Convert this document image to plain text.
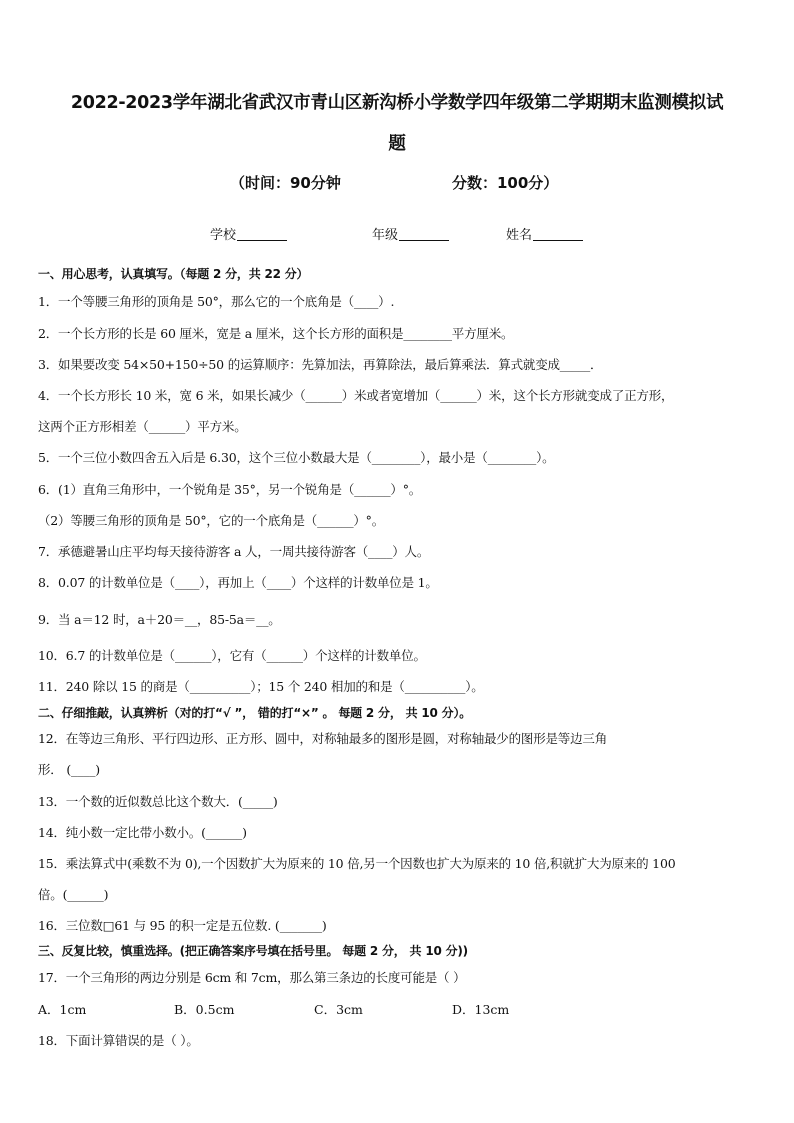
2022-2023学年湖北省武汉市青山区新沟桥小学数学四年级第二学期期末监测模拟试
题
（时间：90分钟	分数：100分）
学校	年级	姓名
一、用心思考，认真填写。（每题 2 分，共 22 分）
1．一个等腰三角形的顶角是 50°，那么它的一个底角是（____）.
2．一个长方形的长是 60 厘米，宽是 a 厘米，这个长方形的面积是________平方厘米。
3．如果要改变 54×50+150÷50 的运算顺序：先算加法，再算除法，最后算乘法．算式就变成_____．
4．一个长方形长 10 米，宽 6 米，如果长减少（______）米或者宽增加（______）米，这个长方形就变成了正方形，
这两个正方形相差（______）平方米。
5．一个三位小数四舍五入后是 6.30，这个三位小数最大是（________），最小是（________）。
6．(1）直角三角形中，一个锐角是 35°，另一个锐角是（______）°。
（2）等腰三角形的顶角是 50°，它的一个底角是（______）°。
7．承德避暑山庄平均每天接待游客 a 人，一周共接待游客（____）人。
8．0.07 的计数单位是（____），再加上（____）个这样的计数单位是 1。
9．当 a＝12 时，a＋20＝__，85-5a＝__。
10．6.7 的计数单位是（______），它有（______）个这样的计数单位。
11．240 除以 15 的商是（__________）；15 个 240 相加的和是（__________）。
二、仔细推敲，认真辨析（对的打“√ ”， 错的打“×” 。 每题 2 分， 共 10 分）。
12．在等边三角形、平行四边形、正方形、圆中，对称轴最多的图形是圆，对称轴最少的图形是等边三角
形． (____)
13．一个数的近似数总比这个数大．(_____)
14．纯小数一定比带小数小。(______)
15．乘法算式中(乘数不为 0),一个因数扩大为原来的 10 倍,另一个因数也扩大为原来的 10 倍,积就扩大为原来的 100
倍。(______)
16．三位数□61 与 95 的积一定是五位数. (_______)
三、反复比较，慎重选择。(把正确答案序号填在括号里。 每题 2 分， 共 10 分))
17．一个三角形的两边分别是 6cm 和 7cm，那么第三条边的长度可能是（ ）
A．1cm	B．0.5cm	C．3cm	D．13cm
18．下面计算错误的是（ ）。
